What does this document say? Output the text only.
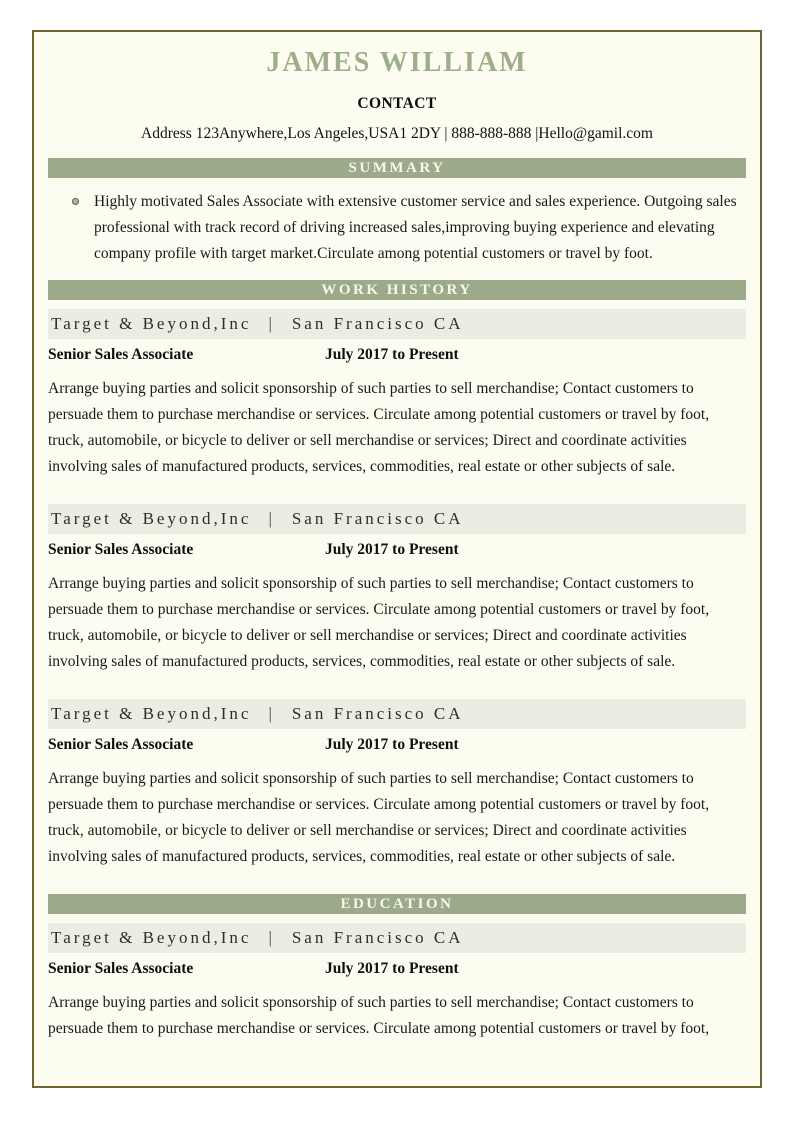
JAMES WILLIAM
CONTACT
Address 123Anywhere,Los Angeles,USA1 2DY | 888-888-888 |Hello@gamil.com
SUMMARY
Highly motivated Sales Associate with extensive customer service and sales experience. Outgoing sales professional with track record of driving increased sales,improving buying experience and elevating company profile with target market.Circulate among potential customers or travel by foot.
WORK HISTORY
Target & Beyond,Inc | San Francisco CA
Senior Sales Associate	July 2017 to Present
Arrange buying parties and solicit sponsorship of such parties to sell merchandise; Contact customers to persuade them to purchase merchandise or services. Circulate among potential customers or travel by foot, truck, automobile, or bicycle to deliver or sell merchandise or services; Direct and coordinate activities involving sales of manufactured products, services, commodities, real estate or other subjects of sale.
Target & Beyond,Inc | San Francisco CA
Senior Sales Associate	July 2017 to Present
Arrange buying parties and solicit sponsorship of such parties to sell merchandise; Contact customers to persuade them to purchase merchandise or services. Circulate among potential customers or travel by foot, truck, automobile, or bicycle to deliver or sell merchandise or services; Direct and coordinate activities involving sales of manufactured products, services, commodities, real estate or other subjects of sale.
Target & Beyond,Inc | San Francisco CA
Senior Sales Associate	July 2017 to Present
Arrange buying parties and solicit sponsorship of such parties to sell merchandise; Contact customers to persuade them to purchase merchandise or services. Circulate among potential customers or travel by foot, truck, automobile, or bicycle to deliver or sell merchandise or services; Direct and coordinate activities involving sales of manufactured products, services, commodities, real estate or other subjects of sale.
EDUCATION
Target & Beyond,Inc | San Francisco CA
Senior Sales Associate	July 2017 to Present
Arrange buying parties and solicit sponsorship of such parties to sell merchandise; Contact customers to persuade them to purchase merchandise or services. Circulate among potential customers or travel by foot,
